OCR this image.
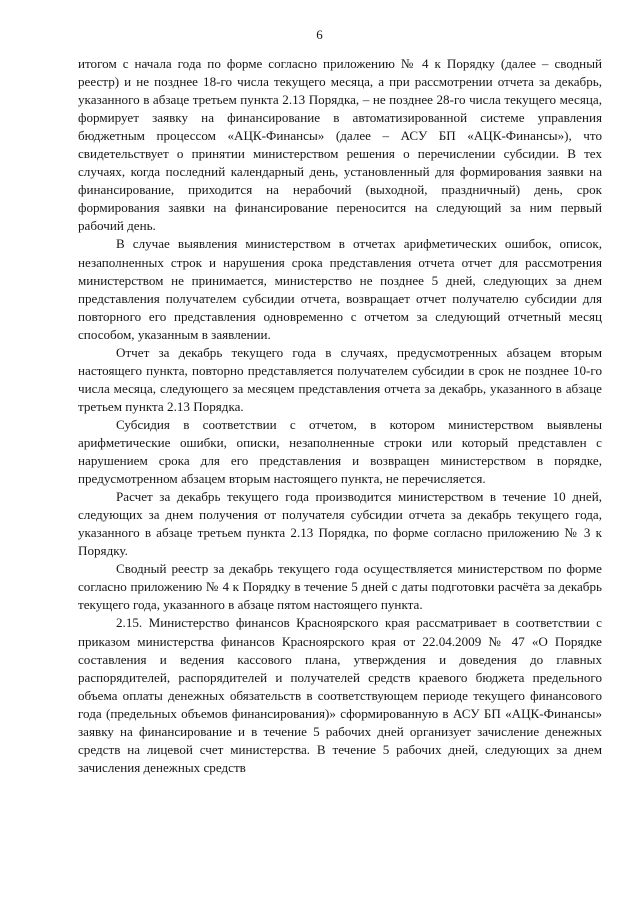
6

итогом с начала года по форме согласно приложению № 4 к Порядку (далее – сводный реестр) и не позднее 18-го числа текущего месяца, а при рассмотрении отчета за декабрь, указанного в абзаце третьем пункта 2.13 Порядка, – не позднее 28-го числа текущего месяца, формирует заявку на финансирование в автоматизированной системе управления бюджетным процессом «АЦК-Финансы» (далее – АСУ БП «АЦК-Финансы»), что свидетельствует о принятии министерством решения о перечислении субсидии. В тех случаях, когда последний календарный день, установленный для формирования заявки на финансирование, приходится на нерабочий (выходной, праздничный) день, срок формирования заявки на финансирование переносится на следующий за ним первый рабочий день.

В случае выявления министерством в отчетах арифметических ошибок, описок, незаполненных строк и нарушения срока представления отчета отчет для рассмотрения министерством не принимается, министерство не позднее 5 дней, следующих за днем представления получателем субсидии отчета, возвращает отчет получателю субсидии для повторного его представления одновременно с отчетом за следующий отчетный месяц способом, указанным в заявлении.

Отчет за декабрь текущего года в случаях, предусмотренных абзацем вторым настоящего пункта, повторно представляется получателем субсидии в срок не позднее 10-го числа месяца, следующего за месяцем представления отчета за декабрь, указанного в абзаце третьем пункта 2.13 Порядка.

Субсидия в соответствии с отчетом, в котором министерством выявлены арифметические ошибки, описки, незаполненные строки или который представлен с нарушением срока для его представления и возвращен министерством в порядке, предусмотренном абзацем вторым настоящего пункта, не перечисляется.

Расчет за декабрь текущего года производится министерством в течение 10 дней, следующих за днем получения от получателя субсидии отчета за декабрь текущего года, указанного в абзаце третьем пункта 2.13 Порядка, по форме согласно приложению № 3 к Порядку.

Сводный реестр за декабрь текущего года осуществляется министерством по форме согласно приложению № 4 к Порядку в течение 5 дней с даты подготовки расчёта за декабрь текущего года, указанного в абзаце пятом настоящего пункта.

2.15. Министерство финансов Красноярского края рассматривает в соответствии с приказом министерства финансов Красноярского края от 22.04.2009 № 47 «О Порядке составления и ведения кассового плана, утверждения и доведения до главных распорядителей, распорядителей и получателей средств краевого бюджета предельного объема оплаты денежных обязательств в соответствующем периоде текущего финансового года (предельных объемов финансирования)» сформированную в АСУ БП «АЦК-Финансы» заявку на финансирование и в течение 5 рабочих дней организует зачисление денежных средств на лицевой счет министерства. В течение 5 рабочих дней, следующих за днем зачисления денежных средств
